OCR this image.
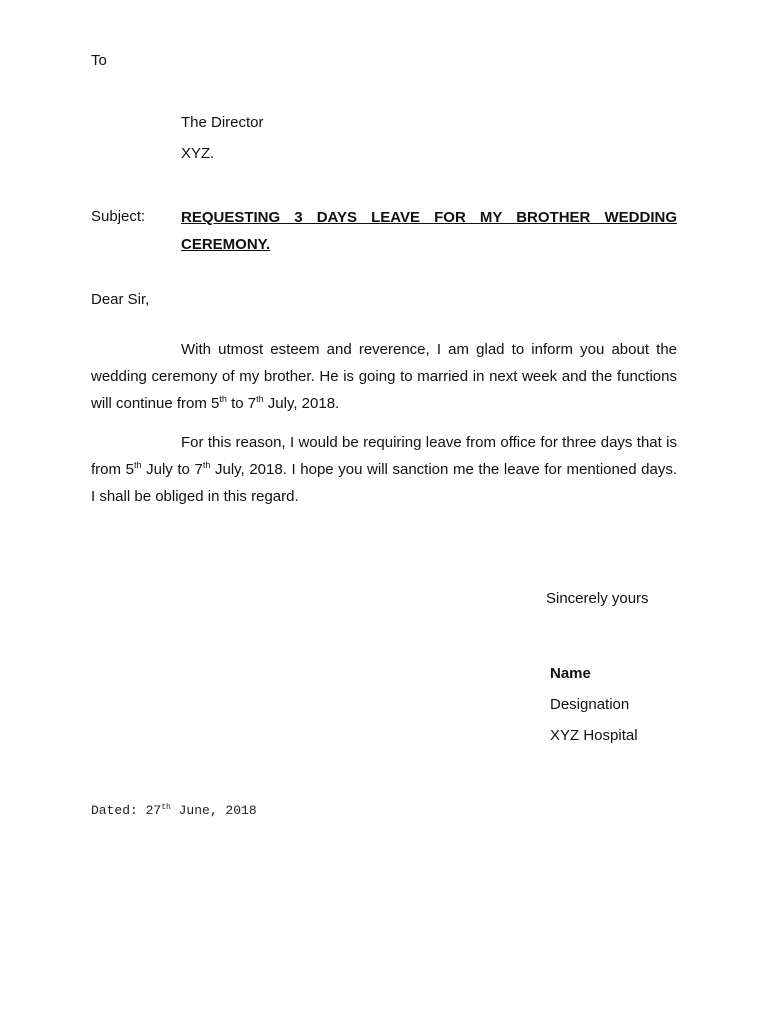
To
The Director
XYZ.
Subject: REQUESTING 3 DAYS LEAVE FOR MY BROTHER WEDDING
CEREMONY.
Dear Sir,
With utmost esteem and reverence, I am glad to inform you about the
wedding ceremony of my brother. He is going to married in next week and the functions
will continue from 5th to 7th July, 2018.
For this reason, I would be requiring leave from office for three days that is
from 5th July to 7th July, 2018. I hope you will sanction me the leave for mentioned days.
I shall be obliged in this regard.
Sincerely yours
Name
Designation
XYZ Hospital
Dated: 27th June, 2018
